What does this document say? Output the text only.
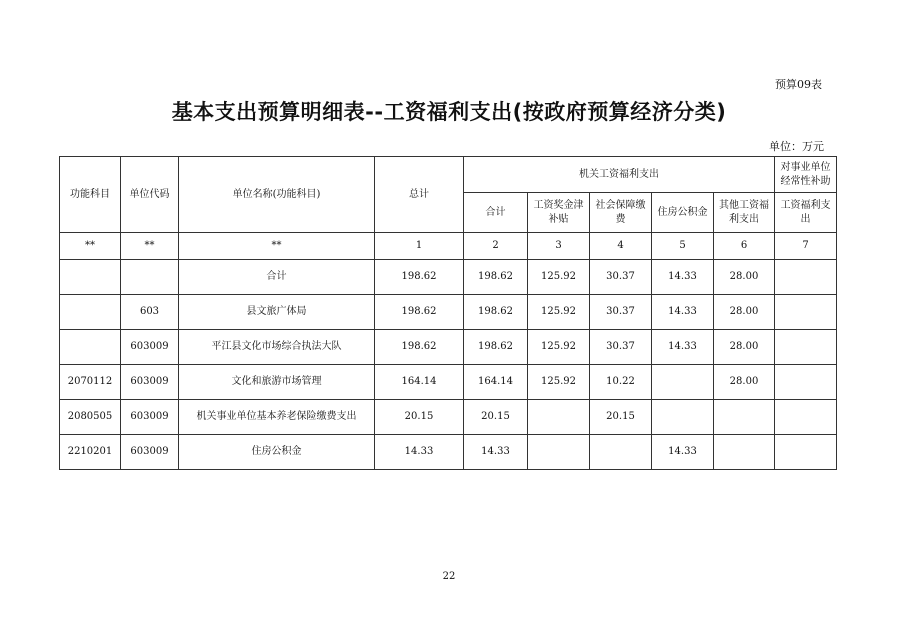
预算09表
基本支出预算明细表--工资福利支出(按政府预算经济分类)
单位：万元
功能科目	单位代码	单位名称(功能科目)	总计	机关工资福利支出					对事业单位经常性补助
				合计	工资奖金津补贴	社会保障缴费	住房公积金	其他工资福利支出	工资福利支出
**	**	**	1	2	3	4	5	6	7
		合计	198.62	198.62	125.92	30.37	14.33	28.00	
	603	县文旅广体局	198.62	198.62	125.92	30.37	14.33	28.00	
	603009	平江县文化市场综合执法大队	198.62	198.62	125.92	30.37	14.33	28.00	
2070112	603009	文化和旅游市场管理	164.14	164.14	125.92	10.22		28.00	
2080505	603009	机关事业单位基本养老保险缴费支出	20.15	20.15		20.15			
2210201	603009	住房公积金	14.33	14.33			14.33		
22
